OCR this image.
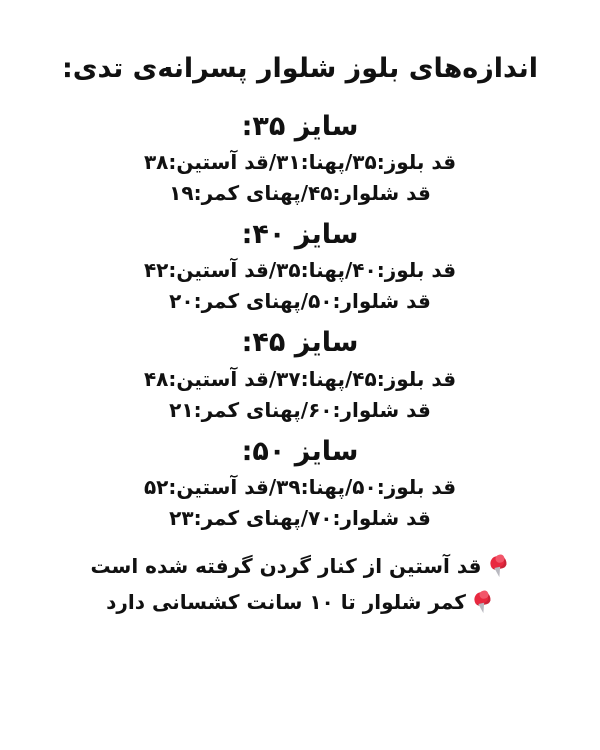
اندازه‌های بلوز شلوار پسرانه‌ی تدی:
سایز ۳۵:
قد بلوز:۳۵/پهنا:۳۱/قد آستین:۳۸
قد شلوار:۴۵/پهنای کمر:۱۹
سایز ۴۰:
قد بلوز:۴۰/پهنا:۳۵/قد آستین:۴۲
قد شلوار:۵۰/پهنای کمر:۲۰
سایز ۴۵:
قد بلوز:۴۵/پهنا:۳۷/قد آستین:۴۸
قد شلوار:۶۰/پهنای کمر:۲۱
سایز ۵۰:
قد بلوز:۵۰/پهنا:۳۹/قد آستین:۵۲
قد شلوار:۷۰/پهنای کمر:۲۳
قد آستین از کنار گردن گرفته شده است
کمر شلوار تا ۱۰ سانت کشسانی دارد
